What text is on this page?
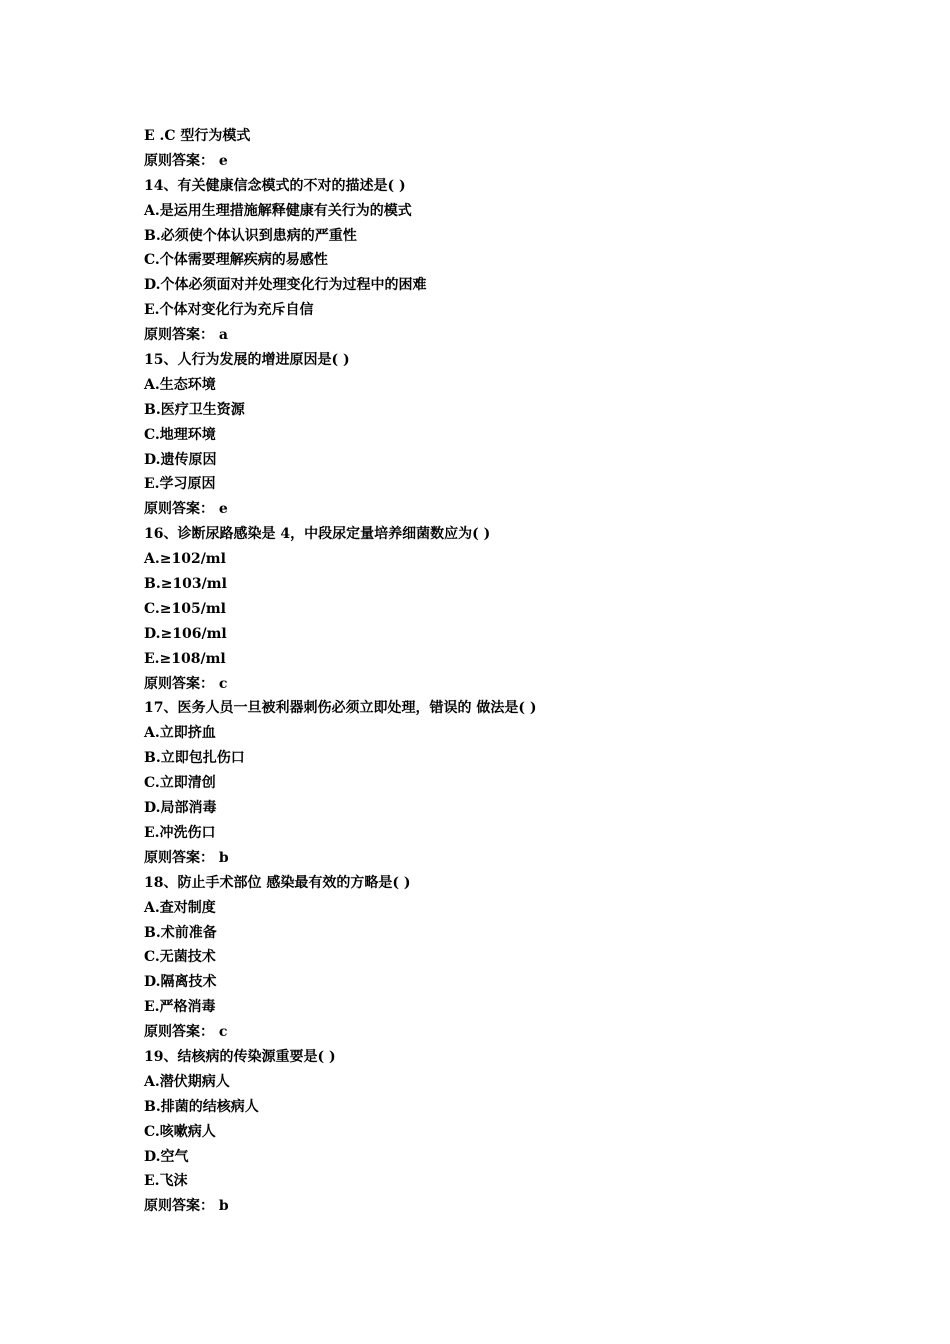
E .C 型行为模式
原则答案： e
14、有关健康信念模式的不对的描述是( )
A.是运用生理措施解释健康有关行为的模式
B.必须使个体认识到患病的严重性
C.个体需要理解疾病的易感性
D.个体必须面对并处理变化行为过程中的困难
E.个体对变化行为充斥自信
原则答案： a
15、人行为发展的增进原因是( )
A.生态环境
B.医疗卫生资源
C.地理环境
D.遗传原因
E.学习原因
原则答案： e
16、诊断尿路感染是 4，中段尿定量培养细菌数应为( )
A.≥102/ml
B.≥103/ml
C.≥105/ml
D.≥106/ml
E.≥108/ml
原则答案： c
17、医务人员一旦被利器刺伤必须立即处理，错误的 做法是( )
A.立即挤血
B.立即包扎伤口
C.立即清创
D.局部消毒
E.冲洗伤口
原则答案： b
18、防止手术部位 感染最有效的方略是( )
A.查对制度
B.术前准备
C.无菌技术
D.隔离技术
E.严格消毒
原则答案： c
19、结核病的传染源重要是( )
A.潜伏期病人
B.排菌的结核病人
C.咳嗽病人
D.空气
E.飞沫
原则答案： b
